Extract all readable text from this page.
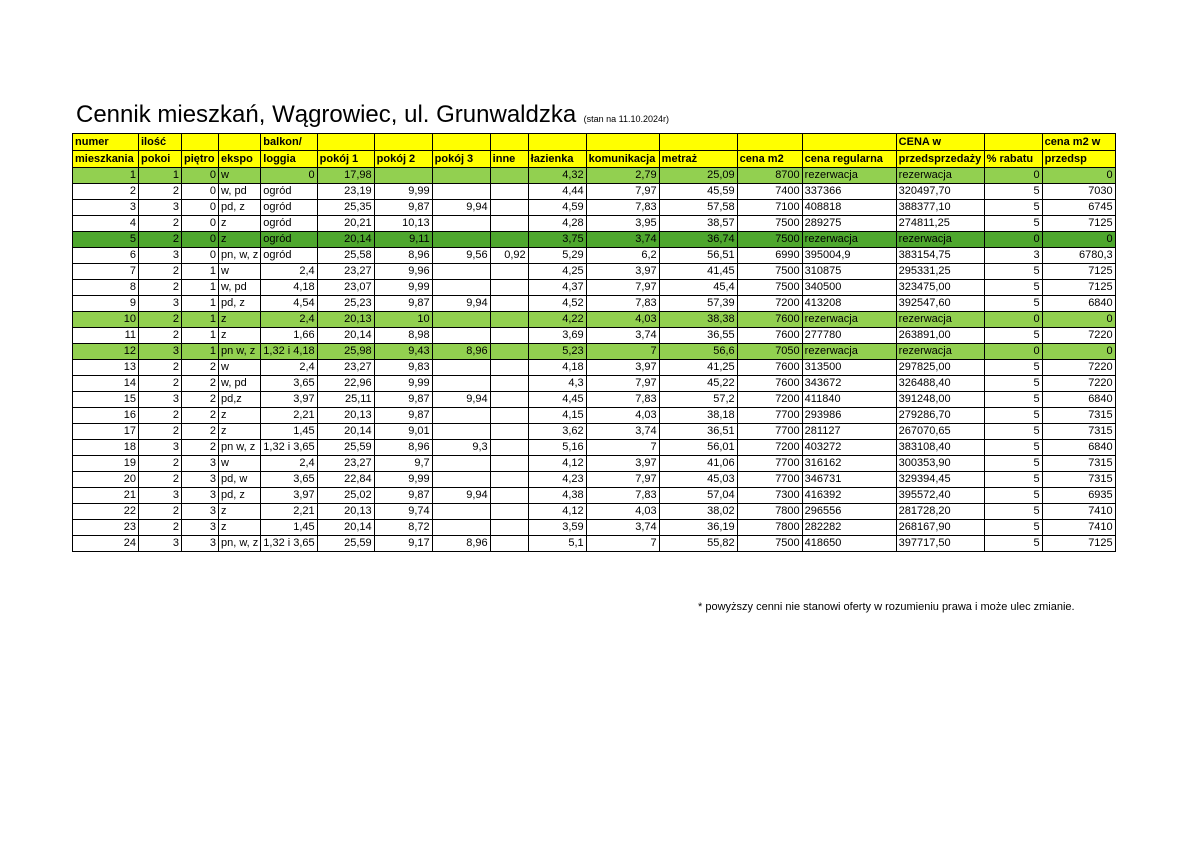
Cennik mieszkań, Wągrowiec, ul. Grunwaldzka (stan na 11.10.2024r)
numer	ilość			balkon/										CENA w		cena m2 w
mieszkania	pokoi	piętro	ekspo	loggia	pokój 1	pokój 2	pokój 3	inne	łazienka	komunikacja	metraż	cena m2	cena regularna	przedsprzedaży	% rabatu	przedsp
1	1	0	w	0	17,98				4,32	2,79	25,09	8700	rezerwacja	rezerwacja	0	0
2	2	0	w, pd	ogród	23,19	9,99			4,44	7,97	45,59	7400	337366	320497,70	5	7030
3	3	0	pd, z	ogród	25,35	9,87	9,94		4,59	7,83	57,58	7100	408818	388377,10	5	6745
4	2	0	z	ogród	20,21	10,13			4,28	3,95	38,57	7500	289275	274811,25	5	7125
5	2	0	z	ogród	20,14	9,11			3,75	3,74	36,74	7500	rezerwacja	rezerwacja	0	0
6	3	0	pn, w, z	ogród	25,58	8,96	9,56	0,92	5,29	6,2	56,51	6990	395004,9	383154,75	3	6780,3
7	2	1	w	2,4	23,27	9,96			4,25	3,97	41,45	7500	310875	295331,25	5	7125
8	2	1	w, pd	4,18	23,07	9,99			4,37	7,97	45,4	7500	340500	323475,00	5	7125
9	3	1	pd, z	4,54	25,23	9,87	9,94		4,52	7,83	57,39	7200	413208	392547,60	5	6840
10	2	1	z	2,4	20,13	10			4,22	4,03	38,38	7600	rezerwacja	rezerwacja	0	0
11	2	1	z	1,66	20,14	8,98			3,69	3,74	36,55	7600	277780	263891,00	5	7220
12	3	1	pn w, z	1,32 i 4,18	25,98	9,43	8,96		5,23	7	56,6	7050	rezerwacja	rezerwacja	0	0
13	2	2	w	2,4	23,27	9,83			4,18	3,97	41,25	7600	313500	297825,00	5	7220
14	2	2	w, pd	3,65	22,96	9,99			4,3	7,97	45,22	7600	343672	326488,40	5	7220
15	3	2	pd,z	3,97	25,11	9,87	9,94		4,45	7,83	57,2	7200	411840	391248,00	5	6840
16	2	2	z	2,21	20,13	9,87			4,15	4,03	38,18	7700	293986	279286,70	5	7315
17	2	2	z	1,45	20,14	9,01			3,62	3,74	36,51	7700	281127	267070,65	5	7315
18	3	2	pn w, z	1,32 i 3,65	25,59	8,96	9,3		5,16	7	56,01	7200	403272	383108,40	5	6840
19	2	3	w	2,4	23,27	9,7			4,12	3,97	41,06	7700	316162	300353,90	5	7315
20	2	3	pd, w	3,65	22,84	9,99			4,23	7,97	45,03	7700	346731	329394,45	5	7315
21	3	3	pd, z	3,97	25,02	9,87	9,94		4,38	7,83	57,04	7300	416392	395572,40	5	6935
22	2	3	z	2,21	20,13	9,74			4,12	4,03	38,02	7800	296556	281728,20	5	7410
23	2	3	z	1,45	20,14	8,72			3,59	3,74	36,19	7800	282282	268167,90	5	7410
24	3	3	pn, w, z	1,32 i 3,65	25,59	9,17	8,96		5,1	7	55,82	7500	418650	397717,50	5	7125
* powyższy cenni nie stanowi oferty w rozumieniu prawa i może ulec zmianie.
